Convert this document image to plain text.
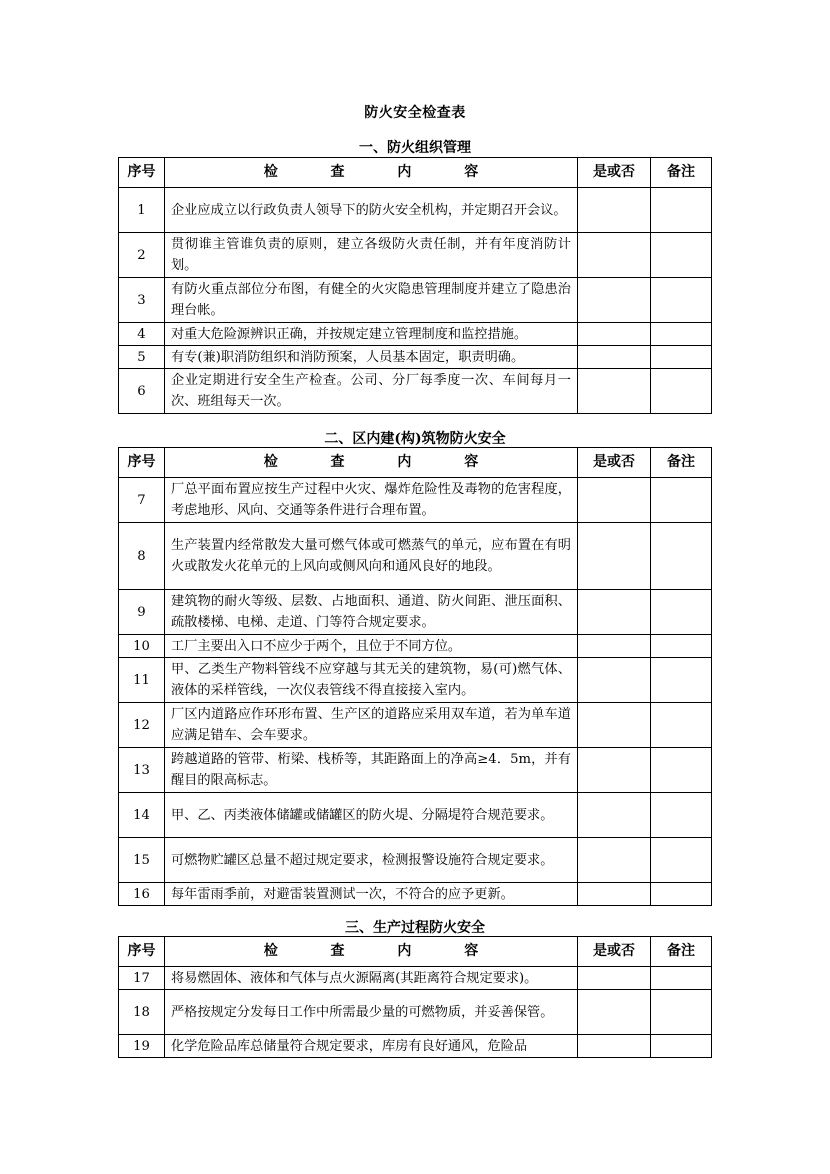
防火安全检查表
一、防火组织管理
序号	检 查 内 容	是或否	备注
1	企业应成立以行政负责人领导下的防火安全机构，并定期召开会议。		
2	贯彻谁主管谁负责的原则，建立各级防火责任制，并有年度消防计划。		
3	有防火重点部位分布图，有健全的火灾隐患管理制度并建立了隐患治理台帐。		
4	对重大危险源辨识正确，并按规定建立管理制度和监控措施。		
5	有专(兼)职消防组织和消防预案，人员基本固定，职责明确。		
6	企业定期进行安全生产检查。公司、分厂每季度一次、车间每月一次、班组每天一次。		
二、区内建(构)筑物防火安全
序号	检 查 内 容	是或否	备注
7	厂总平面布置应按生产过程中火灾、爆炸危险性及毒物的危害程度，考虑地形、风向、交通等条件进行合理布置。		
8	生产装置内经常散发大量可燃气体或可燃蒸气的单元，应布置在有明火或散发火花单元的上风向或侧风向和通风良好的地段。		
9	建筑物的耐火等级、层数、占地面积、通道、防火间距、泄压面积、疏散楼梯、电梯、走道、门等符合规定要求。		
10	工厂主要出入口不应少于两个，且位于不同方位。		
11	甲、乙类生产物料管线不应穿越与其无关的建筑物，易(可)燃气体、液体的采样管线，一次仪表管线不得直接接入室内。		
12	厂区内道路应作环形布置、生产区的道路应采用双车道，若为单车道应满足错车、会车要求。		
13	跨越道路的管带、桁梁、栈桥等，其距路面上的净高≥4．5m，并有醒目的限高标志。		
14	甲、乙、丙类液体储罐或储罐区的防火堤、分隔堤符合规范要求。		
15	可燃物贮罐区总量不超过规定要求，检测报警设施符合规定要求。		
16	每年雷雨季前，对避雷装置测试一次，不符合的应予更新。		
三、生产过程防火安全
序号	检 查 内 容	是或否	备注
17	将易燃固体、液体和气体与点火源隔离(其距离符合规定要求)。		
18	严格按规定分发每日工作中所需最少量的可燃物质，并妥善保管。		
19	化学危险品库总储量符合规定要求，库房有良好通风，危险品		
